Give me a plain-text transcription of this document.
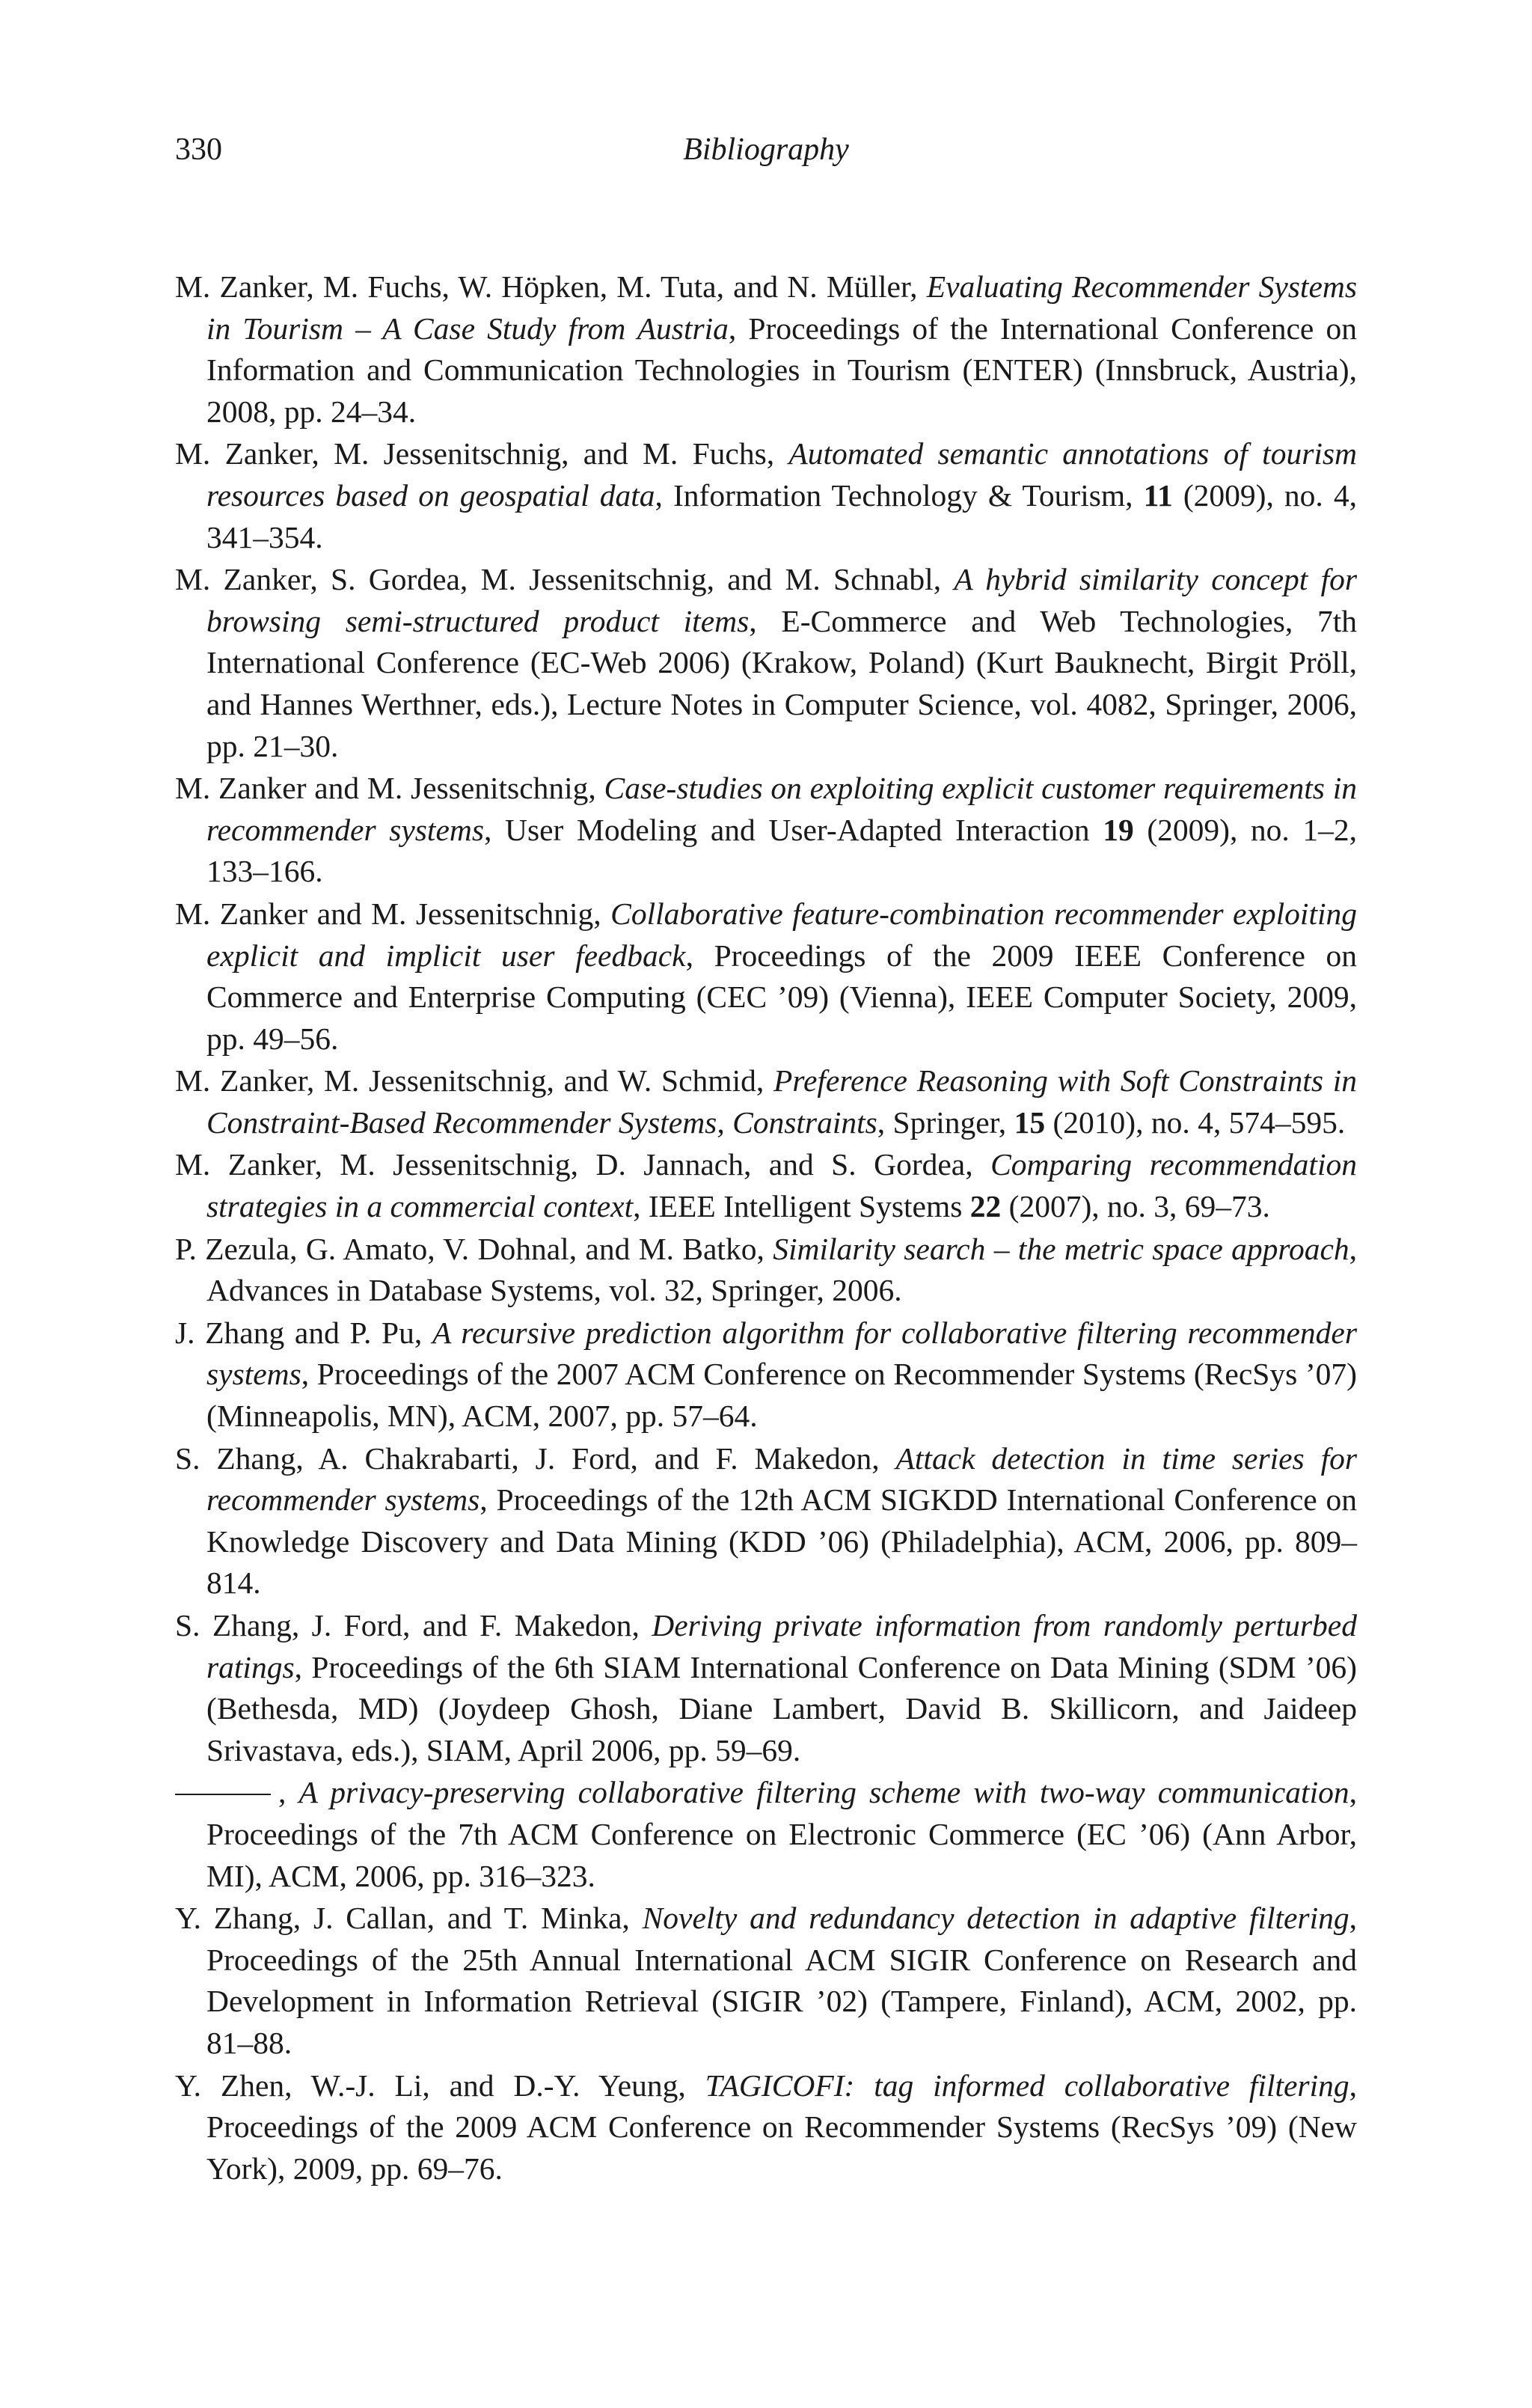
330	Bibliography
M. Zanker, M. Fuchs, W. Höpken, M. Tuta, and N. Müller, Evaluating Recommender Systems in Tourism – A Case Study from Austria, Proceedings of the International Conference on Information and Communication Technologies in Tourism (ENTER) (Innsbruck, Austria), 2008, pp. 24–34.
M. Zanker, M. Jessenitschnig, and M. Fuchs, Automated semantic annotations of tourism resources based on geospatial data, Information Technology & Tourism, 11 (2009), no. 4, 341–354.
M. Zanker, S. Gordea, M. Jessenitschnig, and M. Schnabl, A hybrid similarity concept for browsing semi-structured product items, E-Commerce and Web Technologies, 7th International Conference (EC-Web 2006) (Krakow, Poland) (Kurt Bauknecht, Birgit Pröll, and Hannes Werthner, eds.), Lecture Notes in Computer Science, vol. 4082, Springer, 2006, pp. 21–30.
M. Zanker and M. Jessenitschnig, Case-studies on exploiting explicit customer requirements in recommender systems, User Modeling and User-Adapted Interaction 19 (2009), no. 1–2, 133–166.
M. Zanker and M. Jessenitschnig, Collaborative feature-combination recommender exploiting explicit and implicit user feedback, Proceedings of the 2009 IEEE Conference on Commerce and Enterprise Computing (CEC ’09) (Vienna), IEEE Computer Society, 2009, pp. 49–56.
M. Zanker, M. Jessenitschnig, and W. Schmid, Preference Reasoning with Soft Constraints in Constraint-Based Recommender Systems, Constraints, Springer, 15 (2010), no. 4, 574–595.
M. Zanker, M. Jessenitschnig, D. Jannach, and S. Gordea, Comparing recommendation strategies in a commercial context, IEEE Intelligent Systems 22 (2007), no. 3, 69–73.
P. Zezula, G. Amato, V. Dohnal, and M. Batko, Similarity search – the metric space approach, Advances in Database Systems, vol. 32, Springer, 2006.
J. Zhang and P. Pu, A recursive prediction algorithm for collaborative filtering recommender systems, Proceedings of the 2007 ACM Conference on Recommender Systems (RecSys ’07) (Minneapolis, MN), ACM, 2007, pp. 57–64.
S. Zhang, A. Chakrabarti, J. Ford, and F. Makedon, Attack detection in time series for recommender systems, Proceedings of the 12th ACM SIGKDD International Conference on Knowledge Discovery and Data Mining (KDD ’06) (Philadelphia), ACM, 2006, pp. 809–814.
S. Zhang, J. Ford, and F. Makedon, Deriving private information from randomly perturbed ratings, Proceedings of the 6th SIAM International Conference on Data Mining (SDM ’06) (Bethesda, MD) (Joydeep Ghosh, Diane Lambert, David B. Skillicorn, and Jaideep Srivastava, eds.), SIAM, April 2006, pp. 59–69.
, A privacy-preserving collaborative filtering scheme with two-way communication, Proceedings of the 7th ACM Conference on Electronic Commerce (EC ’06) (Ann Arbor, MI), ACM, 2006, pp. 316–323.
Y. Zhang, J. Callan, and T. Minka, Novelty and redundancy detection in adaptive filtering, Proceedings of the 25th Annual International ACM SIGIR Conference on Research and Development in Information Retrieval (SIGIR ’02) (Tampere, Finland), ACM, 2002, pp. 81–88.
Y. Zhen, W.-J. Li, and D.-Y. Yeung, TAGICOFI: tag informed collaborative filtering, Proceedings of the 2009 ACM Conference on Recommender Systems (RecSys ’09) (New York), 2009, pp. 69–76.
